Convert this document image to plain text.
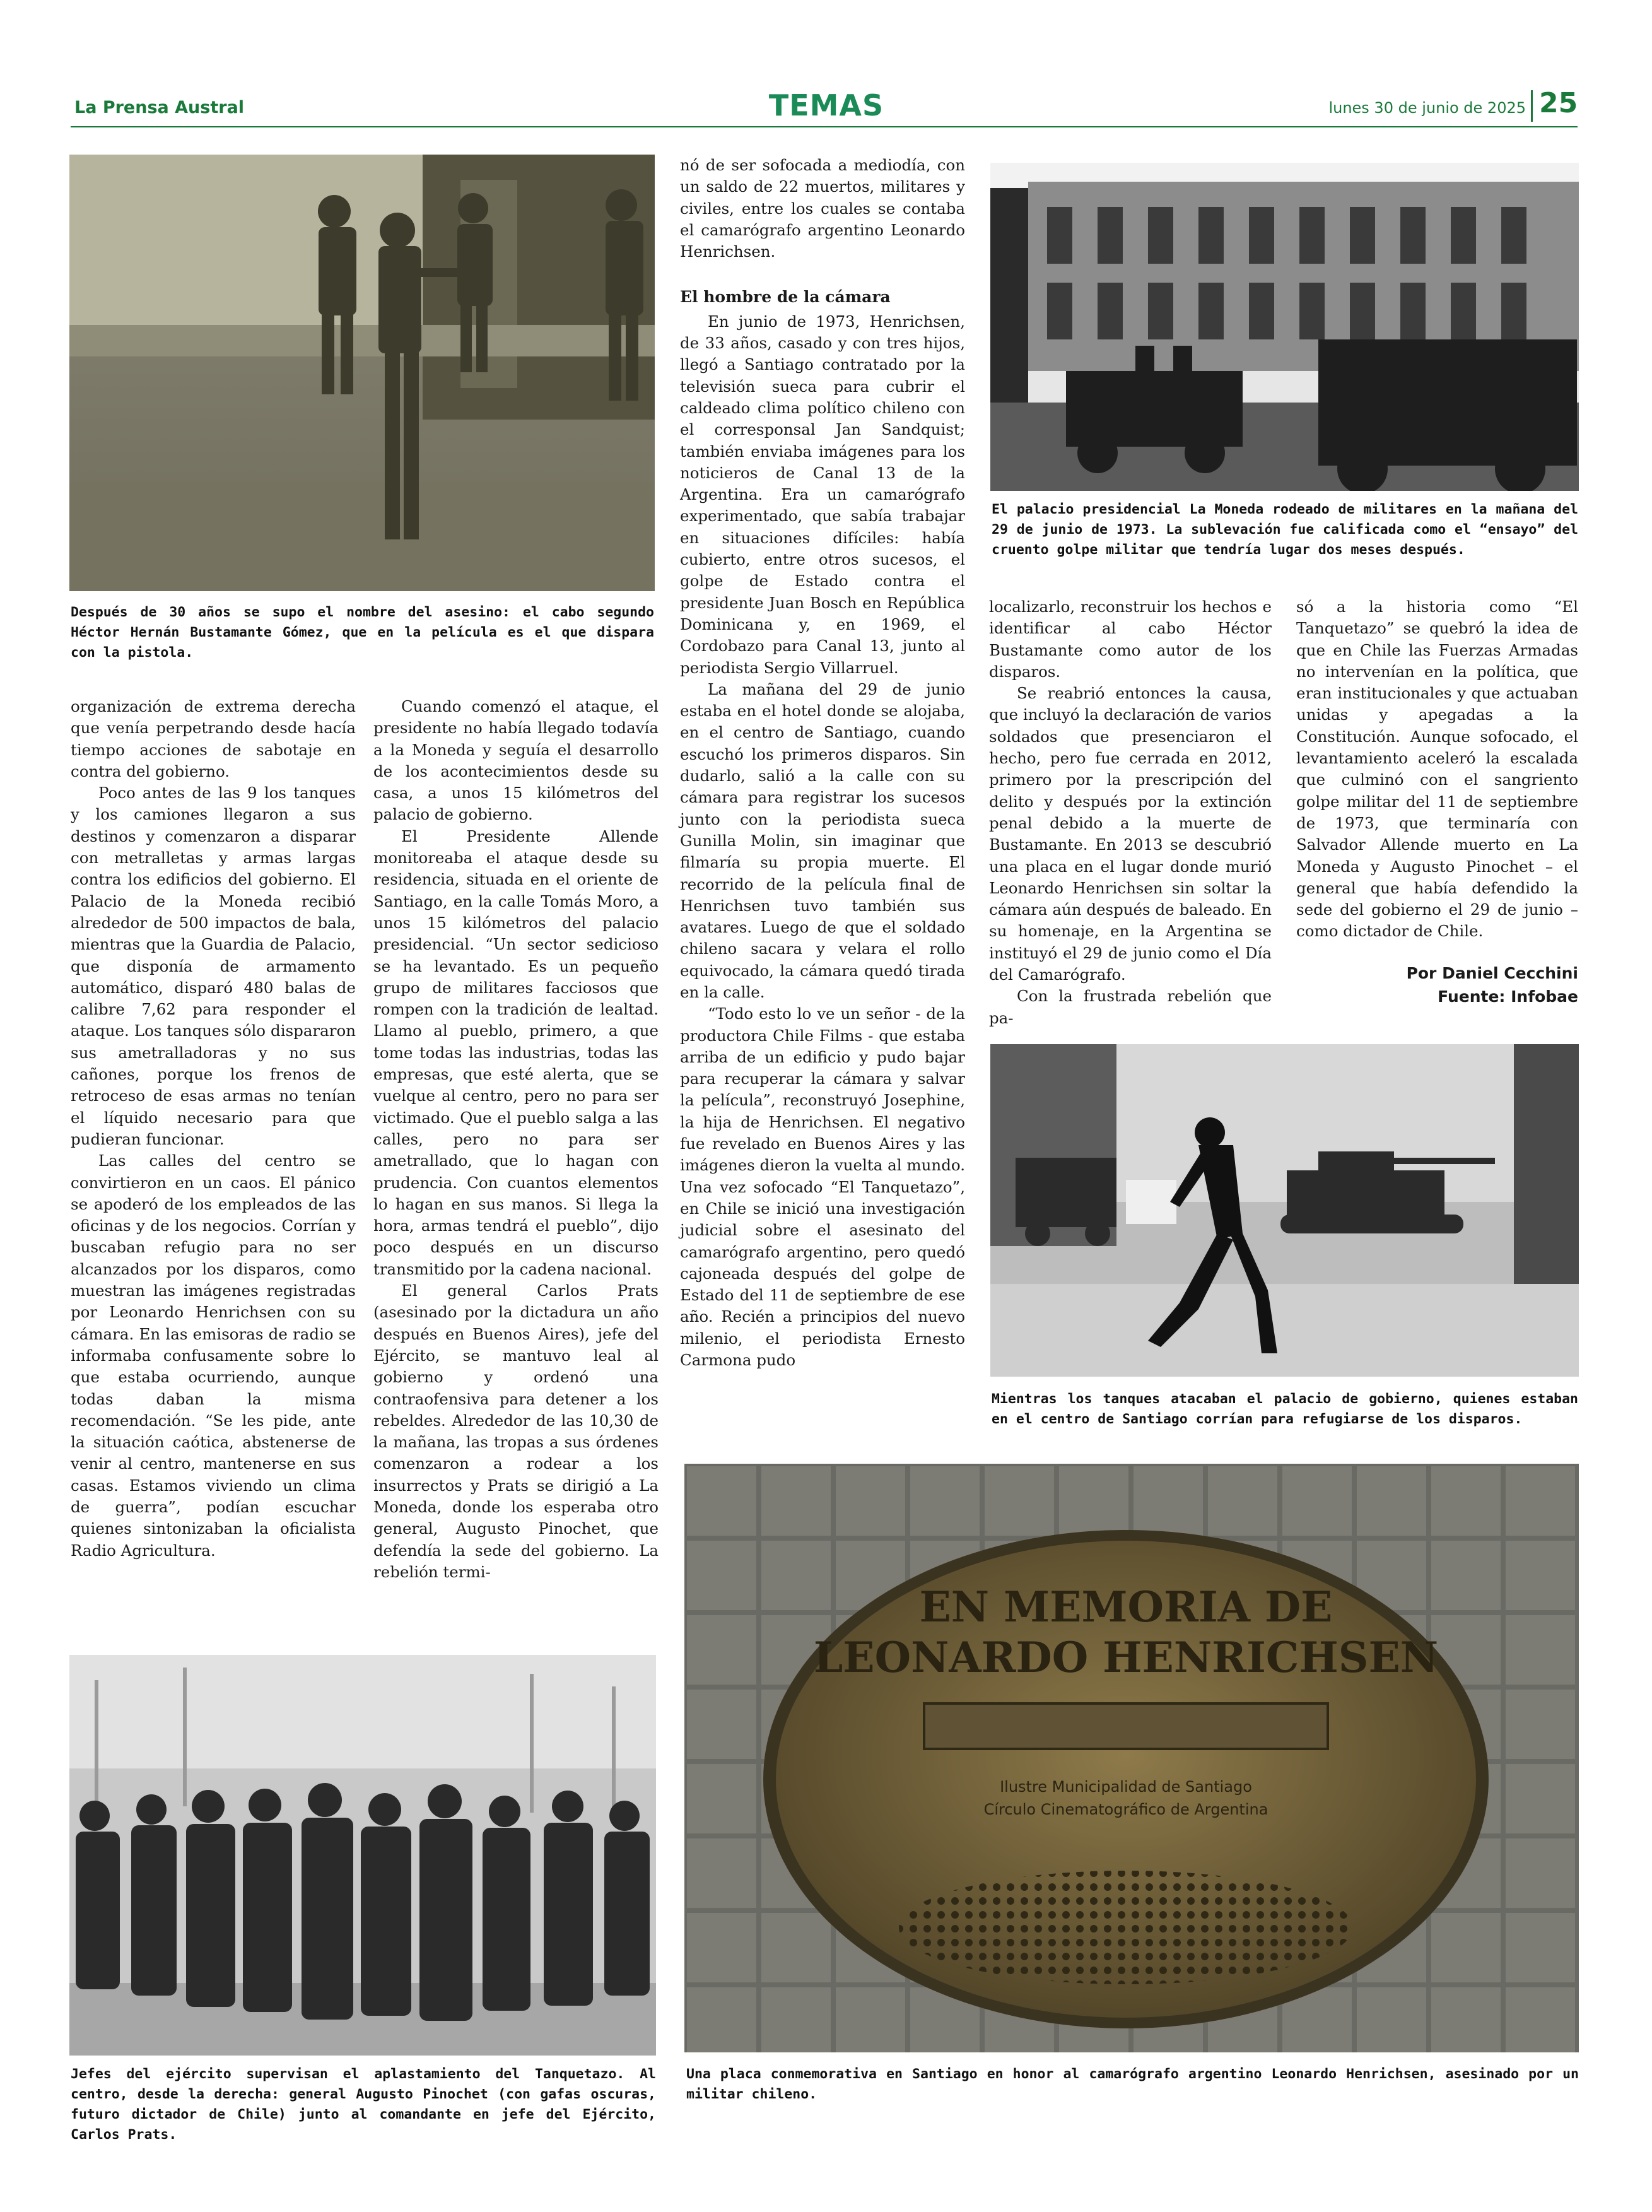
La Prensa Austral	TEMAS	lunes 30 de junio de 2025 25
Después de 30 años se supo el nombre del asesino: el cabo segundo Héctor Hernán Bustamante Gómez, que en la película es el que dispara con la pistola.
El palacio presidencial La Moneda rodeado de militares en la mañana del 29 de junio de 1973. La sublevación fue calificada como el “ensayo” del cruento golpe militar que tendría lugar dos meses después.

organización de extrema derecha que venía perpetrando desde hacía tiempo acciones de sabotaje en contra del gobierno.

Poco antes de las 9 los tanques y los camiones llegaron a sus destinos y comenzaron a disparar con metralletas y armas largas contra los edificios del gobierno. El Palacio de la Moneda recibió alrededor de 500 impactos de bala, mientras que la Guardia de Palacio, que disponía de armamento automático, disparó 480 balas de calibre 7,62 para responder el ataque. Los tanques sólo dispararon sus ametralladoras y no sus cañones, porque los frenos de retroceso de esas armas no tenían el líquido necesario para que pudieran funcionar.

Las calles del centro se convirtieron en un caos. El pánico se apoderó de los empleados de las oficinas y de los negocios. Corrían y buscaban refugio para no ser alcanzados por los disparos, como muestran las imágenes registradas por Leonardo Henrichsen con su cámara. En las emisoras de radio se informaba confusamente sobre lo que estaba ocurriendo, aunque todas daban la misma recomendación. “Se les pide, ante la situación caótica, abstenerse de venir al centro, mantenerse en sus casas. Estamos viviendo un clima de guerra”, podían escuchar quienes sintonizaban la oficialista Radio Agricultura.

Cuando comenzó el ataque, el presidente no había llegado todavía a la Moneda y seguía el desarrollo de los acontecimientos desde su casa, a unos 15 kilómetros del palacio de gobierno.

El Presidente Allende monitoreaba el ataque desde su residencia, situada en el oriente de Santiago, en la calle Tomás Moro, a unos 15 kilómetros del palacio presidencial. “Un sector sedicioso se ha levantado. Es un pequeño grupo de militares facciosos que rompen con la tradición de lealtad. Llamo al pueblo, primero, a que tome todas las industrias, todas las empresas, que esté alerta, que se vuelque al centro, pero no para ser victimado. Que el pueblo salga a las calles, pero no para ser ametrallado, que lo hagan con prudencia. Con cuantos elementos lo hagan en sus manos. Si llega la hora, armas tendrá el pueblo”, dijo poco después en un discurso transmitido por la cadena nacional.

El general Carlos Prats (asesinado por la dictadura un año después en Buenos Aires), jefe del Ejército, se mantuvo leal al gobierno y ordenó una contraofensiva para detener a los rebeldes. Alrededor de las 10,30 de la mañana, las tropas a sus órdenes comenzaron a rodear a los insurrectos y Prats se dirigió a La Moneda, donde los esperaba otro general, Augusto Pinochet, que defendía la sede del gobierno. La rebelión termi-

nó de ser sofocada a mediodía, con un saldo de 22 muertos, militares y civiles, entre los cuales se contaba el camarógrafo argentino Leonardo Henrichsen.

El hombre de la cámara

En junio de 1973, Henrichsen, de 33 años, casado y con tres hijos, llegó a Santiago contratado por la televisión sueca para cubrir el caldeado clima político chileno con el corresponsal Jan Sandquist; también enviaba imágenes para los noticieros de Canal 13 de la Argentina. Era un camarógrafo experimentado, que sabía trabajar en situaciones difíciles: había cubierto, entre otros sucesos, el golpe de Estado contra el presidente Juan Bosch en República Dominicana y, en 1969, el Cordobazo para Canal 13, junto al periodista Sergio Villarruel.

La mañana del 29 de junio estaba en el hotel donde se alojaba, en el centro de Santiago, cuando escuchó los primeros disparos. Sin dudarlo, salió a la calle con su cámara para registrar los sucesos junto con la periodista sueca Gunilla Molin, sin imaginar que filmaría su propia muerte. El recorrido de la película final de Henrichsen tuvo también sus avatares. Luego de que el soldado chileno sacara y velara el rollo equivocado, la cámara quedó tirada en la calle.

“Todo esto lo ve un señor - de la productora Chile Films - que estaba arriba de un edificio y pudo bajar para recuperar la cámara y salvar la película”, reconstruyó Josephine, la hija de Henrichsen. El negativo fue revelado en Buenos Aires y las imágenes dieron la vuelta al mundo. Una vez sofocado “El Tanquetazo”, en Chile se inició una investigación judicial sobre el asesinato del camarógrafo argentino, pero quedó cajoneada después del golpe de Estado del 11 de septiembre de ese año. Recién a principios del nuevo milenio, el periodista Ernesto Carmona pudo

localizarlo, reconstruir los hechos e identificar al cabo Héctor Bustamante como autor de los disparos.

Se reabrió entonces la causa, que incluyó la declaración de varios soldados que presenciaron el hecho, pero fue cerrada en 2012, primero por la prescripción del delito y después por la extinción penal debido a la muerte de Bustamante. En 2013 se descubrió una placa en el lugar donde murió Leonardo Henrichsen sin soltar la cámara aún después de baleado. En su homenaje, en la Argentina se instituyó el 29 de junio como el Día del Camarógrafo.

Con la frustrada rebelión que pa-

só a la historia como “El Tanquetazo” se quebró la idea de que en Chile las Fuerzas Armadas no intervenían en la política, que eran institucionales y que actuaban unidas y apegadas a la Constitución. Aunque sofocado, el levantamiento aceleró la escalada que culminó con el sangriento golpe militar del 11 de septiembre de 1973, que terminaría con Salvador Allende muerto en La Moneda y Augusto Pinochet – el general que había defendido la sede del gobierno el 29 de junio – como dictador de Chile.

Por Daniel Cecchini
Fuente: Infobae
Mientras los tanques atacaban el palacio de gobierno, quienes estaban en el centro de Santiago corrían para refugiarse de los disparos.
Jefes del ejército supervisan el aplastamiento del Tanquetazo. Al centro, desde la derecha: general Augusto Pinochet (con gafas oscuras, futuro dictador de Chile) junto al comandante en jefe del Ejército, Carlos Prats.
EN MEMORIA DE
LEONARDO HENRICHSEN
Ilustre Municipalidad de Santiago
Círculo Cinematográfico de Argentina
Una placa conmemorativa en Santiago en honor al camarógrafo argentino Leonardo Henrichsen, asesinado por un militar chileno.
